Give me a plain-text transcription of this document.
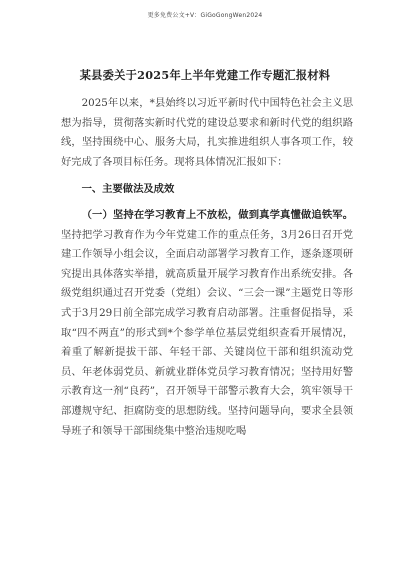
更多免费公文+V：GiGoGongWen2024
某县委关于2025年上半年党建工作专题汇报材料

2025年以来，*县始终以习近平新时代中国特色社会主义思想为指导，贯彻落实新时代党的建设总要求和新时代党的组织路线，坚持围绕中心、服务大局，扎实推进组织人事各项工作，较好完成了各项目标任务。现将具体情况汇报如下：

一、主要做法及成效

（一）坚持在学习教育上不放松，做到真学真懂做追铁军。坚持把学习教育作为今年党建工作的重点任务，3月26日召开党建工作领导小组会议，全面启动部署学习教育工作，逐条逐项研究提出具体落实举措，就高质量开展学习教育作出系统安排。各级党组织通过召开党委（党组）会议、“三会一课”主题党日等形式于3月29日前全部完成学习教育启动部署。注重督促指导，采取“四不两直”的形式到*个参学单位基层党组织查看开展情况，着重了解新提拔干部、年轻干部、关键岗位干部和组织流动党员、年老体弱党员、新就业群体党员学习教育情况；坚持用好警示教育这一剂“良药”，召开领导干部警示教育大会，筑牢领导干部遵规守纪、拒腐防变的思想防线。坚持问题导向，要求全县领导班子和领导干部围绕集中整治违规吃喝
